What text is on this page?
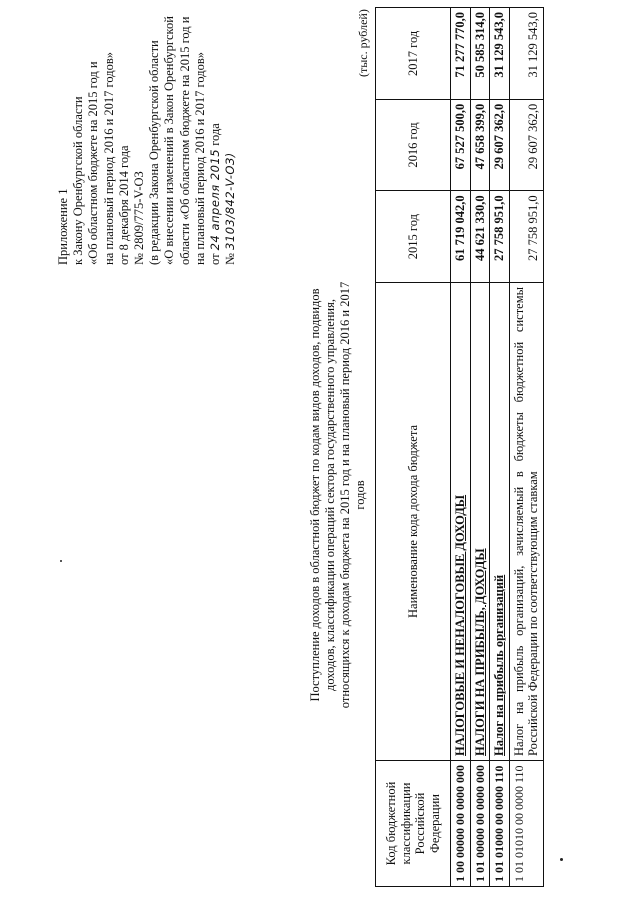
Приложение 1 к Закону Оренбургской области «Об областном бюджете на 2015 год и на плановый период 2016 и 2017 годов» от 8 декабря 2014 года № 2809/775-V-ОЗ (в редакции Закона Оренбургской области «О внесении изменений в Закон Оренбургской области «Об областном бюджете на 2015 год и на плановый период 2016 и 2017 годов» от 24 апреля 2015 года
№ 3103/842-V-ОЗ)
Поступление доходов в областной бюджет по кодам видов доходов, подвидов доходов, классификации операций сектора государственного управления, относящихся к доходам бюджета на 2015 год и на плановый период 2016 и 2017 годов
(тыс. рублей)
Код бюджетной классификации Российской Федерации	Наименование кода дохода бюджета	2015 год	2016 год	2017 год
1 00 00000 00 0000 000	НАЛОГОВЫЕ И НЕНАЛОГОВЫЕ ДОХОДЫ	61 719 042,0	67 527 500,0	71 277 770,0
1 01 00000 00 0000 000	НАЛОГИ НА ПРИБЫЛЬ, ДОХОДЫ	44 621 330,0	47 658 399,0	50 585 314,0
1 01 01000 00 0000 110	Налог на прибыль организаций	27 758 951,0	29 607 362,0	31 129 543,0
1 01 01010 00 0000 110	Налог на прибыль организаций, зачисляемый в бюджеты бюджетной системы Российской Федерации по соответствующим ставкам	27 758 951,0	29 607 362,0	31 129 543,0
